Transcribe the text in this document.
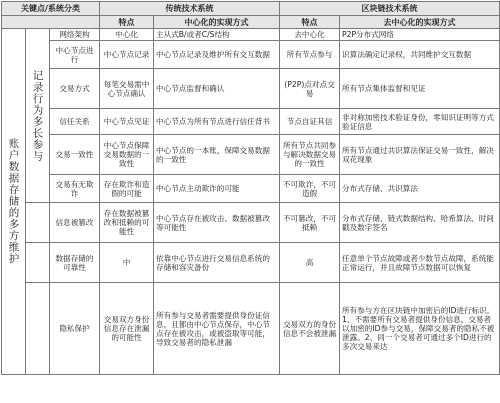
关键点/系统分类			传统技术系统		区块链技术系统	
			特点	中心化的实现方式	特点	去中心化的实现方式
账户数据存储的多方维护	记录行为多长参与	网络架构	中心化	主从式B/或者C/S结构	去中心化	P2P分布式网络
		中心节点进行	中心节点记录	中心节点记录及维护所有交互数据	所有节点参与	识算法确定记录权，共同维护交互数据
		交易方式	每笔交易需中心节点确认	中心节点监督和确认	(P2P)点对点交易	所有节点集体监督和见证
		信任关系	中心节点见证	中心节点为所有节点进行信任背书	节点自证其信	非对称加密技术验证身份，零知识证明等方式验证信息
		交易一致性	中心节点保障交易数据的一致性	中心节点的一本账，保障交易数据的一致性	所有节点共同参与解决数据交易的一致性	所有节点通过共识算法保证交易一致性，解决双花现象
		交易有无欺诈	存在欺诈和造假的可能	中心节点主动欺诈的可能	不可欺诈，不可造假	分布式存储、共识算法
		信息被篡改	存在数据被篡改和抵赖的可能性	中心节点存在被攻击、数据被篡改等可能性	不可篡改，不可抵赖	分布式存储、链式数据结构、哈希算法、时间戳及数字签名
		数据存储的可靠性	中	依靠中心节点进行交易信息系统的存储和容灾备份	高	任意单个节点故障或者少数节点故障，系统能正常运行，并且故障节点数据可以恢复
		隐私保护	交易双方身份信息存在泄漏的可能性	所有参与交易者需要提供身份证信息，且都由中心节点保存，中心节点存在被攻击，或被盗取等可能，导致交易者的隐私泄漏	交易双方的身份信息不会被泄漏	所有参与方在区块链中加密后的ID进行标识。1、不需要所有交易者提供身份信息，交易者以加密的ID参与交易，保障交易者的隐私不被泄露。2、同一个交易者可通过多个ID进行的多次交易来达
